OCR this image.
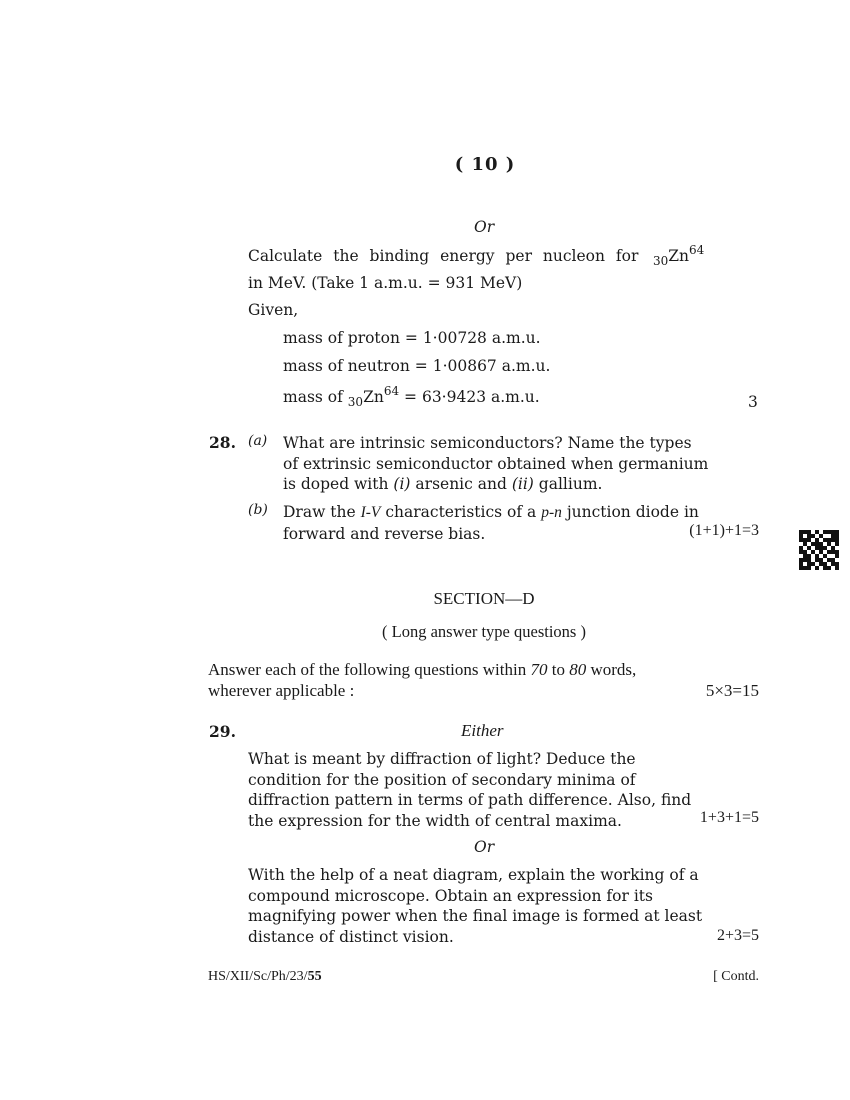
( 10 )
Or
Calculate the binding energy per nucleon for $_{30}Zn^{64}$
in MeV. (Take 1 a.m.u. = 931 MeV)
Given,
mass of proton = 1·00728 a.m.u.
mass of neutron = 1·00867 a.m.u.
mass of $_{30}Zn^{64} = 63\cdot 9423$ a.m.u.	3
28. (a) What are intrinsic semiconductors? Name the types
of extrinsic semiconductor obtained when germanium
is doped with (i) arsenic and (ii) gallium.
(b) Draw the I-V characteristics of a p-n junction diode in
forward and reverse bias.	(1+1)+1=3
SECTION—D
( Long answer type questions )
Answer each of the following questions within 70 to 80 words,
wherever applicable :	5×3=15
29.	Either
What is meant by diffraction of light? Deduce the
condition for the position of secondary minima of
diffraction pattern in terms of path difference. Also, find
the expression for the width of central maxima.	1+3+1=5
Or
With the help of a neat diagram, explain the working of a
compound microscope. Obtain an expression for its
magnifying power when the final image is formed at least
distance of distinct vision.	2+3=5
HS/XII/Sc/Ph/23/55	[ Contd.
